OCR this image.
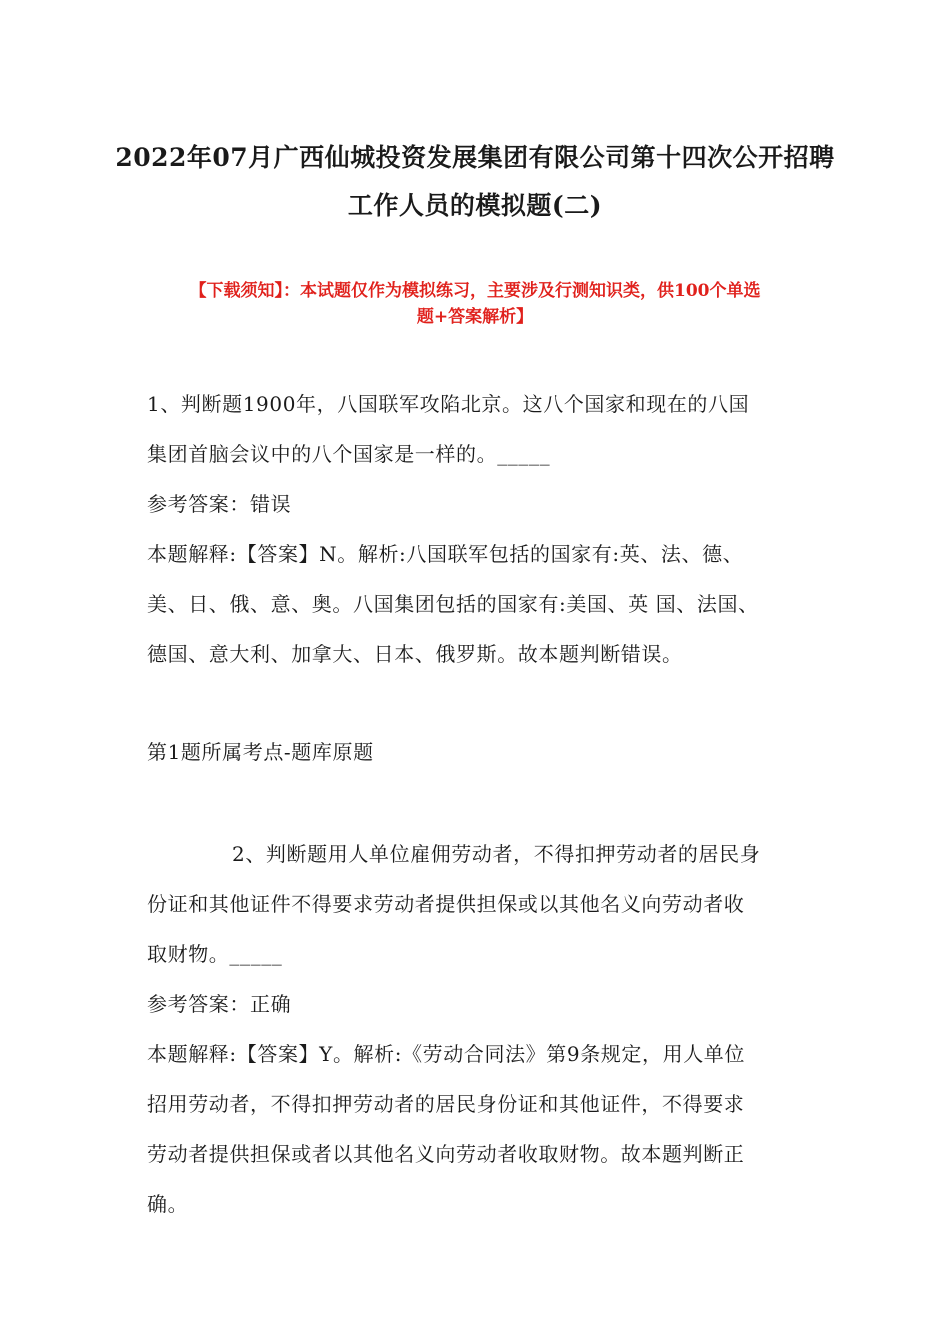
2022年07月广西仙城投资发展集团有限公司第十四次公开招聘
工作人员的模拟题(二)
【下载须知】：本试题仅作为模拟练习，主要涉及行测知识类，供100个单选
题+答案解析】
1、判断题1900年，八国联军攻陷北京。这八个国家和现在的八国
集团首脑会议中的八个国家是一样的。_____
参考答案：错误
本题解释:【答案】N。解析:八国联军包括的国家有:英、法、德、
美、日、俄、意、奥。八国集团包括的国家有:美国、英 国、法国、
德国、意大利、加拿大、日本、俄罗斯。故本题判断错误。
第1题所属考点-题库原题
2、判断题用人单位雇佣劳动者，不得扣押劳动者的居民身
份证和其他证件不得要求劳动者提供担保或以其他名义向劳动者收
取财物。_____
参考答案：正确
本题解释:【答案】Y。解析:《劳动合同法》第9条规定，用人单位
招用劳动者，不得扣押劳动者的居民身份证和其他证件，不得要求
劳动者提供担保或者以其他名义向劳动者收取财物。故本题判断正
确。
